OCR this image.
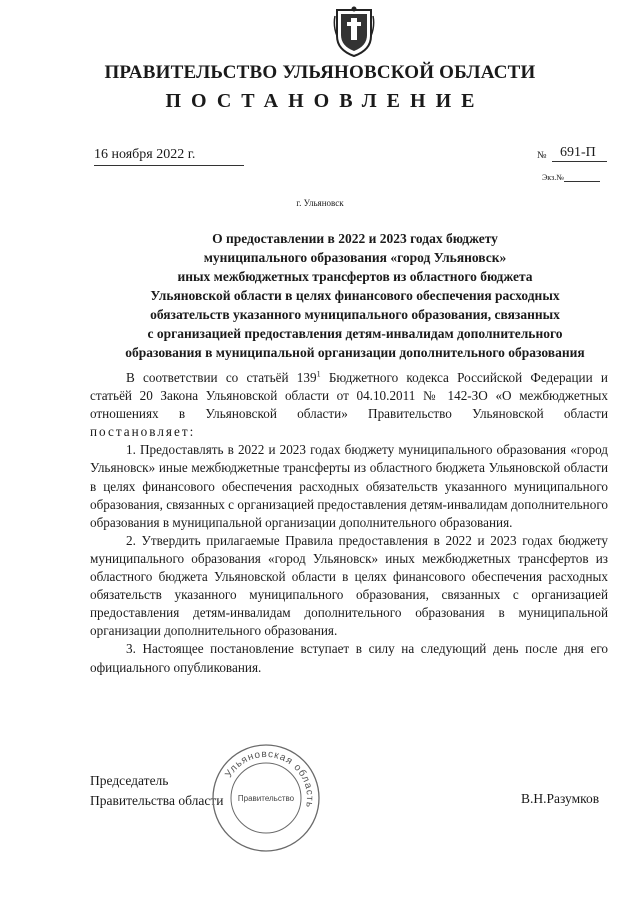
ПРАВИТЕЛЬСТВО УЛЬЯНОВСКОЙ ОБЛАСТИ
ПОСТАНОВЛЕНИЕ
16 ноября 2022 г.	№ 691-П
Экз.№
г. Ульяновск
О предоставлении в 2022 и 2023 годах бюджету
муниципального образования «город Ульяновск»
иных межбюджетных трансфертов из областного бюджета
Ульяновской области в целях финансового обеспечения расходных
обязательств указанного муниципального образования, связанных
с организацией предоставления детям-инвалидам дополнительного
образования в муниципальной организации дополнительного образования

В соответствии со статьёй $139^1$ Бюджетного кодекса Российской Федерации и статьёй 20 Закона Ульяновской области от 04.10.2011 № 142-ЗО «О межбюджетных отношениях в Ульяновской области» Правительство Ульяновской области постановляет:

1. Предоставлять в 2022 и 2023 годах бюджету муниципального образования «город Ульяновск» иные межбюджетные трансферты из областного бюджета Ульяновской области в целях финансового обеспечения расходных обязательств указанного муниципального образования, связанных с организацией предоставления детям-инвалидам дополнительного образования в муниципальной организации дополнительного образования.

2. Утвердить прилагаемые Правила предоставления в 2022 и 2023 годах бюджету муниципального образования «город Ульяновск» иных межбюджетных трансфертов из областного бюджета Ульяновской области в целях финансового обеспечения расходных обязательств указанного муниципального образования, связанных с организацией предоставления детям-инвалидам дополнительного образования в муниципальной организации дополнительного образования.

3. Настоящее постановление вступает в силу на следующий день после дня его официального опубликования.

Председатель
Правительства области
Ульяновская область
Правительство	В.Н.Разумков
